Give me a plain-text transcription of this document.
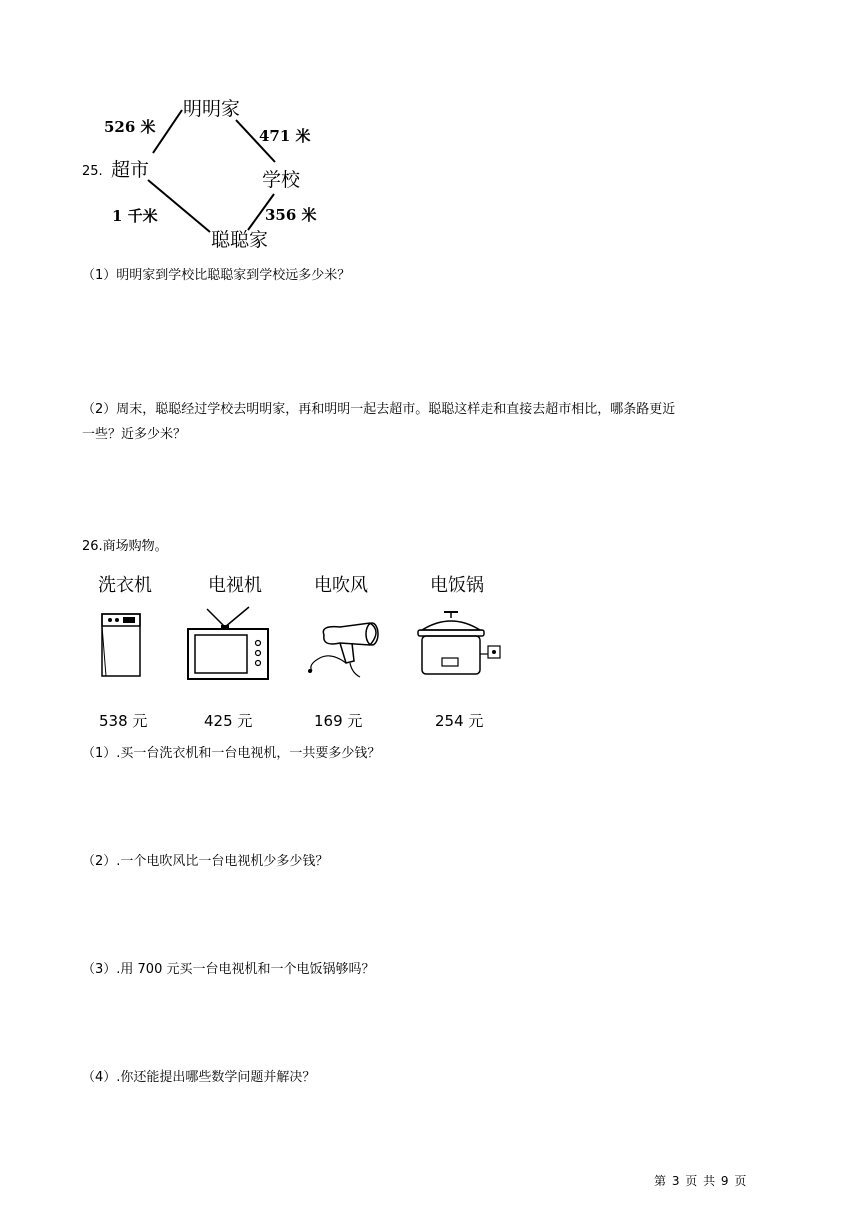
25.
明明家
超市	学校
聪聪家
526 米	471 米
1 千米	356 米
（1）明明家到学校比聪聪家到学校远多少米？
（2）周末，聪聪经过学校去明明家，再和明明一起去超市。聪聪这样走和直接去超市相比，哪条路更近
一些？近多少米？
26.商场购物。
洗衣机	电视机	电吹风	电饭锅
538 元	425 元	169 元	254 元
（1）.买一台洗衣机和一台电视机，一共要多少钱？
（2）.一个电吹风比一台电视机少多少钱？
（3）.用 700 元买一台电视机和一个电饭锅够吗？
（4）.你还能提出哪些数学问题并解决？
第 3 页 共 9 页
